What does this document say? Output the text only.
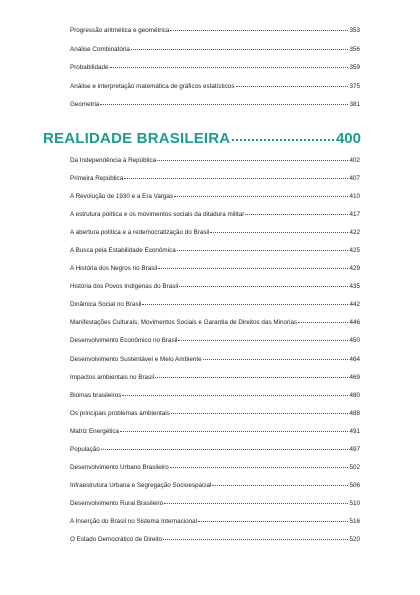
Progressão aritmética e geométrica	353
Análise Combinatória	356
Probabilidade	359
Análise e interpretação matemática de gráficos estatísticos	375
Geometria	381
REALIDADE BRASILEIRA	400
Da Independência à República	402
Primeira República	407
A Revolução de 1930 e a Era Vargas	410
A estrutura política e os movimentos sociais da ditadura militar	417
A abertura política e a redemocratização do Brasil	422
A Busca pela Estabilidade Econômica	425
A História dos Negros no Brasil	429
História dos Povos Indígenas do Brasil	435
Dinâmica Social no Brasil	442
Manifestações Culturais, Movimentos Sociais e Garantia de Direitos das Minorias	446
Desenvolvimento Econômico no Brasil	450
Desenvolvimento Sustentável e Meio Ambiente	464
Impactos ambientais no Brasil	469
Biomas brasileiros	480
Os principais problemas ambientais	488
Matriz Energética	491
População	497
Desenvolvimento Urbano Brasileiro	502
Infraestrutura Urbana e Segregação Socioespacial	506
Desenvolvimento Rural Brasileiro	510
A Inserção do Brasil no Sistema Internacional	516
O Estado Democrático de Direito	520
